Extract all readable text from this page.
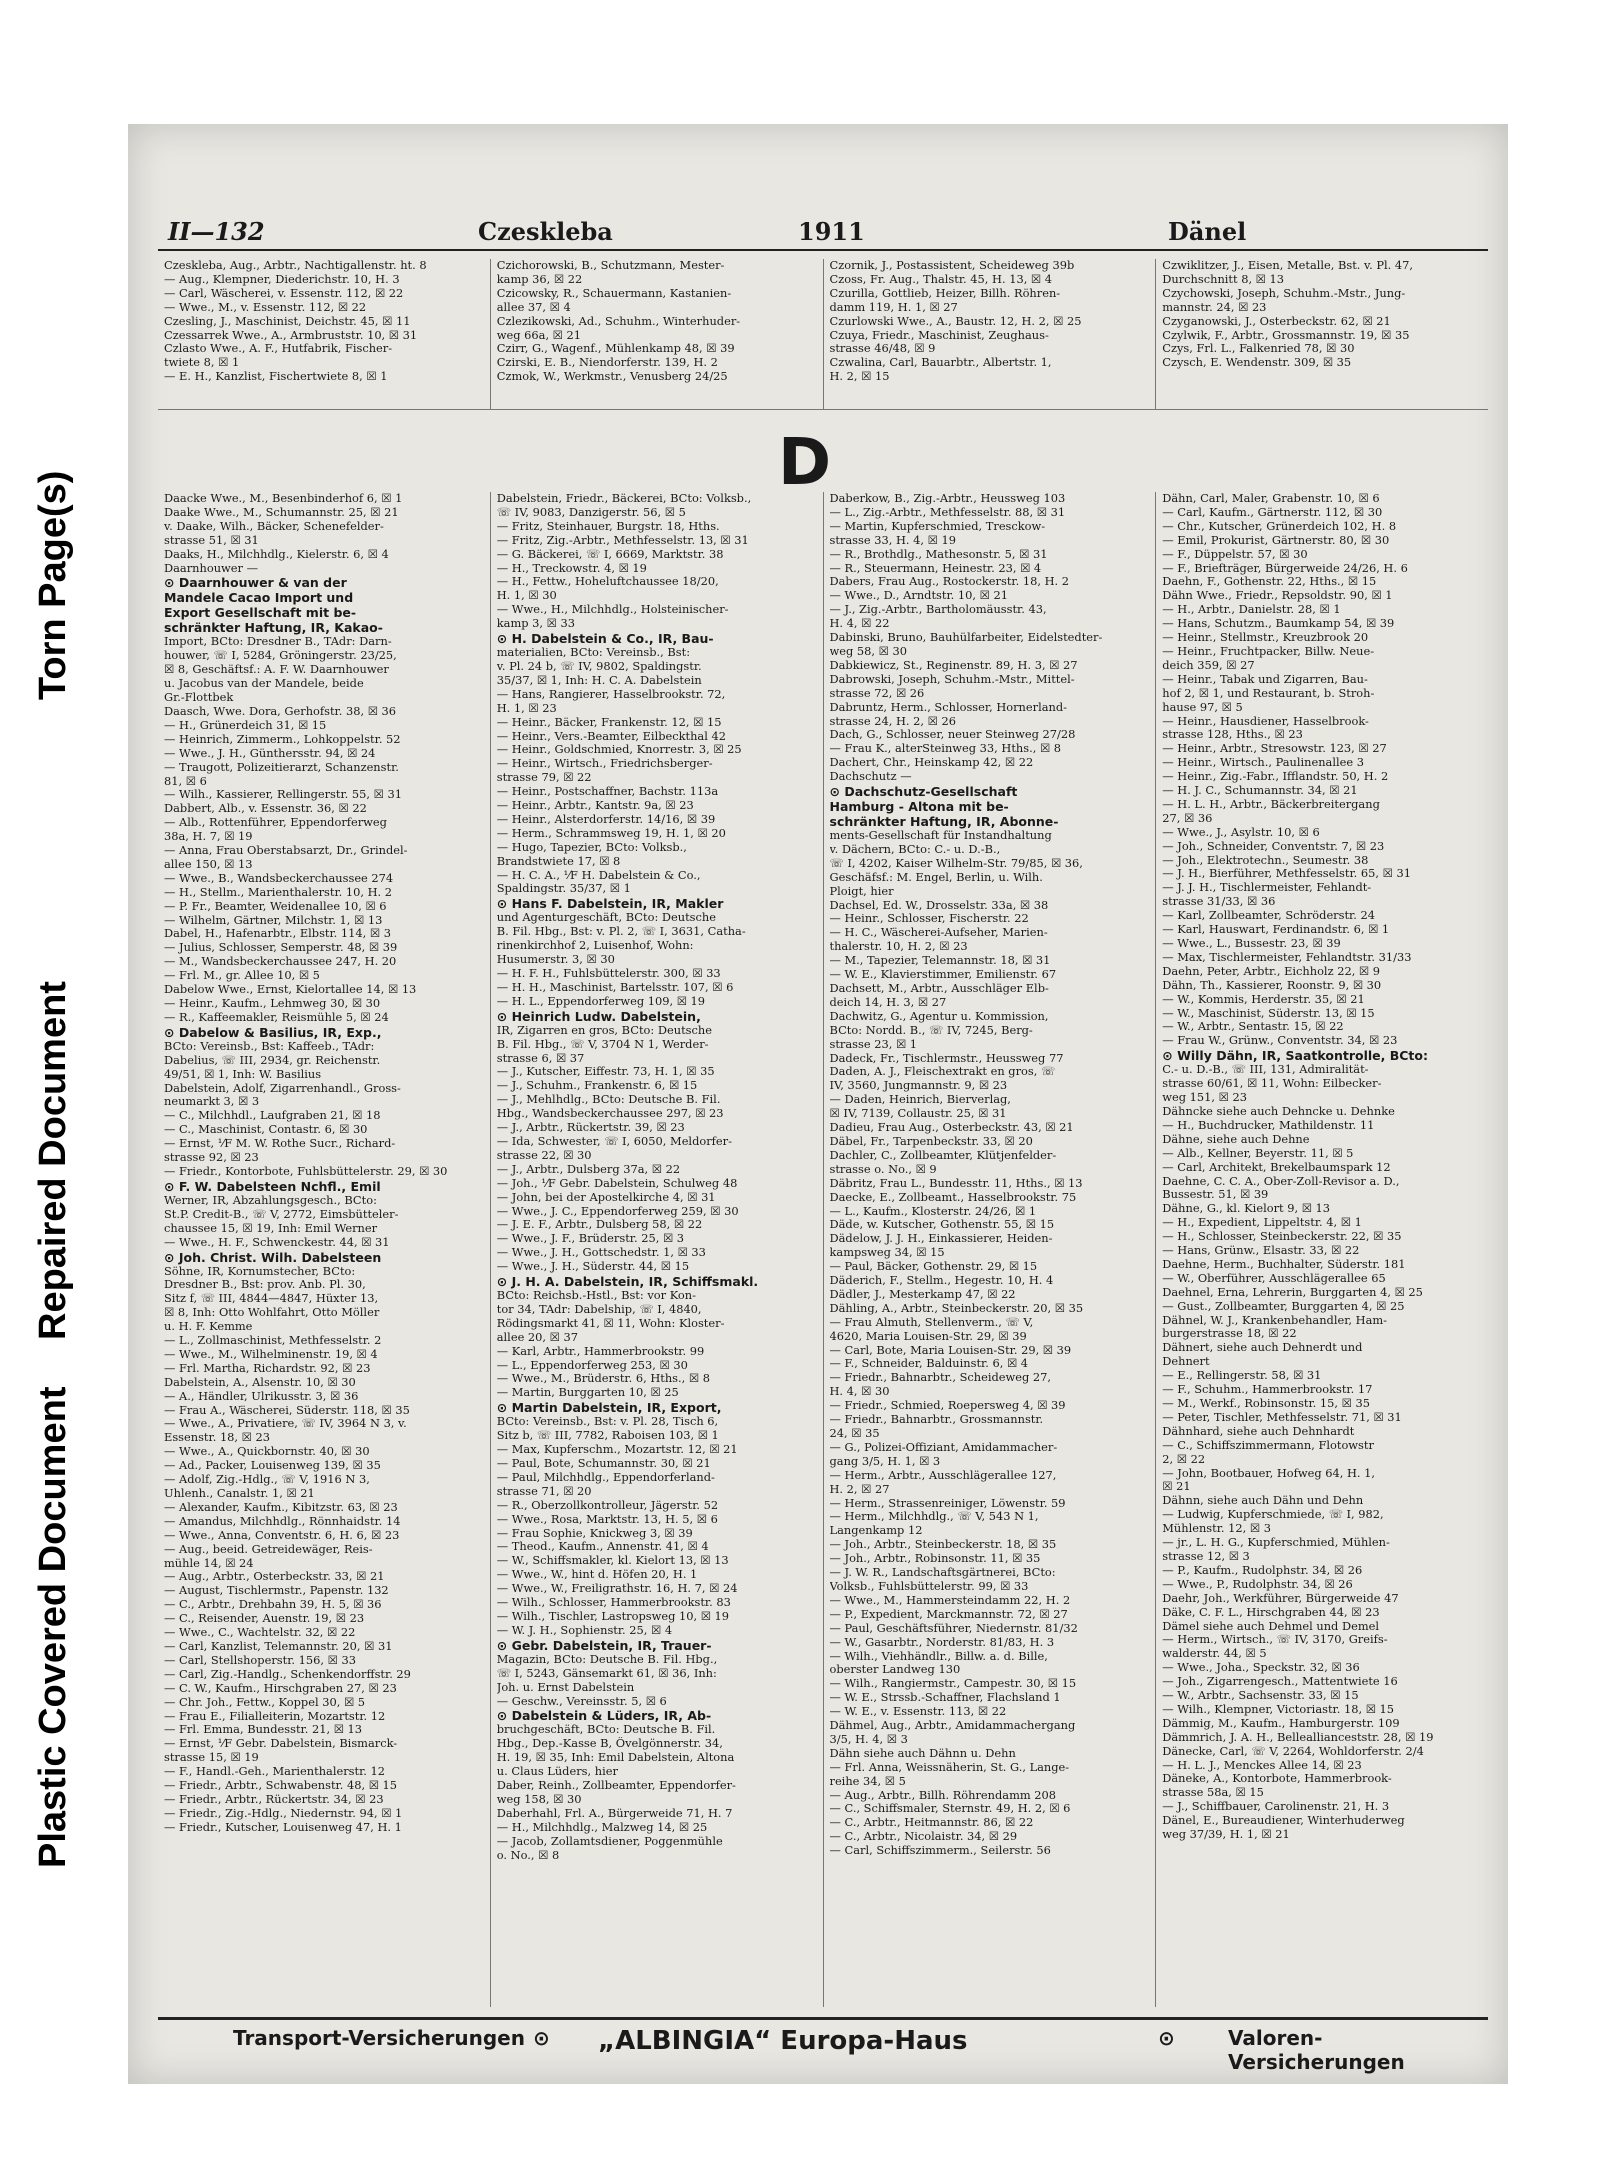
Plastic Covered Document
Repaired Document
Torn Page(s)
II—132	Czeskleba	1911	Dänel

Czeskleba, Aug., Arbtr., Nachtigallenstr. ht. 8

— Aug., Klempner, Diederichstr. 10, H. 3

— Carl, Wäscherei, v. Essenstr. 112, ☒ 22

— Wwe., M., v. Essenstr. 112, ☒ 22

Czesling, J., Maschinist, Deichstr. 45, ☒ 11

Czessarrek Wwe., A., Armbruststr. 10, ☒ 31

Czlasto Wwe., A. F., Hutfabrik, Fischer-

twiete 8, ☒ 1

— E. H., Kanzlist, Fischertwiete 8, ☒ 1

Czichorowski, B., Schutzmann, Mester-

kamp 36, ☒ 22

Czicowsky, R., Schauermann, Kastanien-

allee 37, ☒ 4

Czlezikowski, Ad., Schuhm., Winterhuder-

weg 66a, ☒ 21

Czirr, G., Wagenf., Mühlenkamp 48, ☒ 39

Czirski, E. B., Niendorferstr. 139, H. 2

Czmok, W., Werkmstr., Venusberg 24/25

Czornik, J., Postassistent, Scheideweg 39b

Czoss, Fr. Aug., Thalstr. 45, H. 13, ☒ 4

Czurilla, Gottlieb, Heizer, Billh. Röhren-

damm 119, H. 1, ☒ 27

Czurlowski Wwe., A., Baustr. 12, H. 2, ☒ 25

Czuya, Friedr., Maschinist, Zeughaus-

strasse 46/48, ☒ 9

Czwalina, Carl, Bauarbtr., Albertstr. 1,

H. 2, ☒ 15

Czwiklitzer, J., Eisen, Metalle, Bst. v. Pl. 47,

Durchschnitt 8, ☒ 13

Czychowski, Joseph, Schuhm.-Mstr., Jung-

mannstr. 24, ☒ 23

Czyganowski, J., Osterbeckstr. 62, ☒ 21

Czylwik, F., Arbtr., Grossmannstr. 19, ☒ 35

Czys, Frl. L., Falkenried 78, ☒ 30

Czysch, E. Wendenstr. 309, ☒ 35

D

Daacke Wwe., M., Besenbinderhof 6, ☒ 1

Daake Wwe., M., Schumannstr. 25, ☒ 21

v. Daake, Wilh., Bäcker, Schenefelder-

strasse 51, ☒ 31

Daaks, H., Milchhdlg., Kielerstr. 6, ☒ 4

Daarnhouwer —

⊙ Daarnhouwer & van der

Mandele Cacao Import und

Export Gesellschaft mit be-

schränkter Haftung, IR, Kakao-

Import, BCto: Dresdner B., TAdr: Darn-

houwer, ☏ I, 5284, Gröningerstr. 23/25,

☒ 8, Geschäftsf.: A. F. W. Daarnhouwer

u. Jacobus van der Mandele, beide

Gr.-Flottbek

Daasch, Wwe. Dora, Gerhofstr. 38, ☒ 36

— H., Grünerdeich 31, ☒ 15

— Heinrich, Zimmerm., Lohkoppelstr. 52

— Wwe., J. H., Günthersstr. 94, ☒ 24

— Traugott, Polizeitierarzt, Schanzenstr.

81, ☒ 6

— Wilh., Kassierer, Rellingerstr. 55, ☒ 31

Dabbert, Alb., v. Essenstr. 36, ☒ 22

— Alb., Rottenführer, Eppendorferweg

38a, H. 7, ☒ 19

— Anna, Frau Oberstabsarzt, Dr., Grindel-

allee 150, ☒ 13

— Wwe., B., Wandsbeckerchaussee 274

— H., Stellm., Marienthalerstr. 10, H. 2

— P. Fr., Beamter, Weidenallee 10, ☒ 6

— Wilhelm, Gärtner, Milchstr. 1, ☒ 13

Dabel, H., Hafenarbtr., Elbstr. 114, ☒ 3

— Julius, Schlosser, Semperstr. 48, ☒ 39

— M., Wandsbeckerchaussee 247, H. 20

— Frl. M., gr. Allee 10, ☒ 5

Dabelow Wwe., Ernst, Kielortallee 14, ☒ 13

— Heinr., Kaufm., Lehmweg 30, ☒ 30

— R., Kaffeemakler, Reismühle 5, ☒ 24

⊙ Dabelow & Basilius, IR, Exp.,

BCto: Vereinsb., Bst: Kaffeeb., TAdr:

Dabelius, ☏ III, 2934, gr. Reichenstr.

49/51, ☒ 1, Inh: W. Basilius

Dabelstein, Adolf, Zigarrenhandl., Gross-

neumarkt 3, ☒ 3

— C., Milchhdl., Laufgraben 21, ☒ 18

— C., Maschinist, Contastr. 6, ☒ 30

— Ernst, ⅟F M. W. Rothe Sucr., Richard-

strasse 92, ☒ 23

— Friedr., Kontorbote, Fuhlsbüttelerstr. 29, ☒ 30

⊙ F. W. Dabelsteen Nchfl., Emil

Werner, IR, Abzahlungsgesch., BCto:

St.P. Credit-B., ☏ V, 2772, Eimsbütteler-

chaussee 15, ☒ 19, Inh: Emil Werner

— Wwe., H. F., Schwenckestr. 44, ☒ 31

⊙ Joh. Christ. Wilh. Dabelsteen

Söhne, IR, Kornumstecher, BCto:

Dresdner B., Bst: prov. Anb. Pl. 30,

Sitz f, ☏ III, 4844—4847, Hüxter 13,

☒ 8, Inh: Otto Wohlfahrt, Otto Möller

u. H. F. Kemme

— L., Zollmaschinist, Methfesselstr. 2

— Wwe., M., Wilhelminenstr. 19, ☒ 4

— Frl. Martha, Richardstr. 92, ☒ 23

Dabelstein, A., Alsenstr. 10, ☒ 30

— A., Händler, Ulrikusstr. 3, ☒ 36

— Frau A., Wäscherei, Süderstr. 118, ☒ 35

— Wwe., A., Privatiere, ☏ IV, 3964 N 3, v.

Essenstr. 18, ☒ 23

— Wwe., A., Quickbornstr. 40, ☒ 30

— Ad., Packer, Louisenweg 139, ☒ 35

— Adolf, Zig.-Hdlg., ☏ V, 1916 N 3,

Uhlenh., Canalstr. 1, ☒ 21

— Alexander, Kaufm., Kibitzstr. 63, ☒ 23

— Amandus, Milchhdlg., Rönnhaidstr. 14

— Wwe., Anna, Conventstr. 6, H. 6, ☒ 23

— Aug., beeid. Getreidewäger, Reis-

mühle 14, ☒ 24

— Aug., Arbtr., Osterbeckstr. 33, ☒ 21

— August, Tischlermstr., Papenstr. 132

— C., Arbtr., Drehbahn 39, H. 5, ☒ 36

— C., Reisender, Auenstr. 19, ☒ 23

— Wwe., C., Wachtelstr. 32, ☒ 22

— Carl, Kanzlist, Telemannstr. 20, ☒ 31

— Carl, Stellshoperstr. 156, ☒ 33

— Carl, Zig.-Handlg., Schenkendorffstr. 29

— C. W., Kaufm., Hirschgraben 27, ☒ 23

— Chr. Joh., Fettw., Koppel 30, ☒ 5

— Frau E., Filialleiterin, Mozartstr. 12

— Frl. Emma, Bundesstr. 21, ☒ 13

— Ernst, ⅟F Gebr. Dabelstein, Bismarck-

strasse 15, ☒ 19

— F., Handl.-Geh., Marienthalerstr. 12

— Friedr., Arbtr., Schwabenstr. 48, ☒ 15

— Friedr., Arbtr., Rückertstr. 34, ☒ 23

— Friedr., Zig.-Hdlg., Niedernstr. 94, ☒ 1

— Friedr., Kutscher, Louisenweg 47, H. 1

Dabelstein, Friedr., Bäckerei, BCto: Volksb.,

☏ IV, 9083, Danzigerstr. 56, ☒ 5

— Fritz, Steinhauer, Burgstr. 18, Hths.

— Fritz, Zig.-Arbtr., Methfesselstr. 13, ☒ 31

— G. Bäckerei, ☏ I, 6669, Marktstr. 38

— H., Treckowstr. 4, ☒ 19

— H., Fettw., Hoheluftchaussee 18/20,

H. 1, ☒ 30

— Wwe., H., Milchhdlg., Holsteinischer-

kamp 3, ☒ 33

⊙ H. Dabelstein & Co., IR, Bau-

materialien, BCto: Vereinsb., Bst:

v. Pl. 24 b, ☏ IV, 9802, Spaldingstr.

35/37, ☒ 1, Inh: H. C. A. Dabelstein

— Hans, Rangierer, Hasselbrookstr. 72,

H. 1, ☒ 23

— Heinr., Bäcker, Frankenstr. 12, ☒ 15

— Heinr., Vers.-Beamter, Eilbeckthal 42

— Heinr., Goldschmied, Knorrestr. 3, ☒ 25

— Heinr., Wirtsch., Friedrichsberger-

strasse 79, ☒ 22

— Heinr., Postschaffner, Bachstr. 113a

— Heinr., Arbtr., Kantstr. 9a, ☒ 23

— Heinr., Alsterdorferstr. 14/16, ☒ 39

— Herm., Schrammsweg 19, H. 1, ☒ 20

— Hugo, Tapezier, BCto: Volksb.,

Brandstwiete 17, ☒ 8

— H. C. A., ⅟F H. Dabelstein & Co.,

Spaldingstr. 35/37, ☒ 1

⊙ Hans F. Dabelstein, IR, Makler

und Agenturgeschäft, BCto: Deutsche

B. Fil. Hbg., Bst: v. Pl. 2, ☏ I, 3631, Catha-

rinenkirchhof 2, Luisenhof, Wohn:

Husumerstr. 3, ☒ 30

— H. F. H., Fuhlsbüttelerstr. 300, ☒ 33

— H. H., Maschinist, Bartelsstr. 107, ☒ 6

— H. L., Eppendorferweg 109, ☒ 19

⊙ Heinrich Ludw. Dabelstein,

IR, Zigarren en gros, BCto: Deutsche

B. Fil. Hbg., ☏ V, 3704 N 1, Werder-

strasse 6, ☒ 37

— J., Kutscher, Eiffestr. 73, H. 1, ☒ 35

— J., Schuhm., Frankenstr. 6, ☒ 15

— J., Mehlhdlg., BCto: Deutsche B. Fil.

Hbg., Wandsbeckerchaussee 297, ☒ 23

— J., Arbtr., Rückertstr. 39, ☒ 23

— Ida, Schwester, ☏ I, 6050, Meldorfer-

strasse 22, ☒ 30

— J., Arbtr., Dulsberg 37a, ☒ 22

— Joh., ⅟F Gebr. Dabelstein, Schulweg 48

— John, bei der Apostelkirche 4, ☒ 31

— Wwe., J. C., Eppendorferweg 259, ☒ 30

— J. E. F., Arbtr., Dulsberg 58, ☒ 22

— Wwe., J. F., Brüderstr. 25, ☒ 3

— Wwe., J. H., Gottschedstr. 1, ☒ 33

— Wwe., J. H., Süderstr. 44, ☒ 15

⊙ J. H. A. Dabelstein, IR, Schiffsmakl.

BCto: Reichsb.-Hstl., Bst: vor Kon-

tor 34, TAdr: Dabelship, ☏ I, 4840,

Rödingsmarkt 41, ☒ 11, Wohn: Kloster-

allee 20, ☒ 37

— Karl, Arbtr., Hammerbrookstr. 99

— L., Eppendorferweg 253, ☒ 30

— Wwe., M., Brüderstr. 6, Hths., ☒ 8

— Martin, Burggarten 10, ☒ 25

⊙ Martin Dabelstein, IR, Export,

BCto: Vereinsb., Bst: v. Pl. 28, Tisch 6,

Sitz b, ☏ III, 7782, Raboisen 103, ☒ 1

— Max, Kupferschm., Mozartstr. 12, ☒ 21

— Paul, Bote, Schumannstr. 30, ☒ 21

— Paul, Milchhdlg., Eppendorferland-

strasse 71, ☒ 20

— R., Oberzollkontrolleur, Jägerstr. 52

— Wwe., Rosa, Marktstr. 13, H. 5, ☒ 6

— Frau Sophie, Knickweg 3, ☒ 39

— Theod., Kaufm., Annenstr. 41, ☒ 4

— W., Schiffsmakler, kl. Kielort 13, ☒ 13

— Wwe., W., hint d. Höfen 20, H. 1

— Wwe., W., Freiligrathstr. 16, H. 7, ☒ 24

— Wilh., Schlosser, Hammerbrookstr. 83

— Wilh., Tischler, Lastropsweg 10, ☒ 19

— W. J. H., Sophienstr. 25, ☒ 4

⊙ Gebr. Dabelstein, IR, Trauer-

Magazin, BCto: Deutsche B. Fil. Hbg.,

☏ I, 5243, Gänsemarkt 61, ☒ 36, Inh:

Joh. u. Ernst Dabelstein

— Geschw., Vereinsstr. 5, ☒ 6

⊙ Dabelstein & Lüders, IR, Ab-

bruchgeschäft, BCto: Deutsche B. Fil.

Hbg., Dep.-Kasse B, Övelgönnerstr. 34,

H. 19, ☒ 35, Inh: Emil Dabelstein, Altona

u. Claus Lüders, hier

Daber, Reinh., Zollbeamter, Eppendorfer-

weg 158, ☒ 30

Daberhahl, Frl. A., Bürgerweide 71, H. 7

— H., Milchhdlg., Malzweg 14, ☒ 25

— Jacob, Zollamtsdiener, Poggenmühle

o. No., ☒ 8

Daberkow, B., Zig.-Arbtr., Heussweg 103

— L., Zig.-Arbtr., Methfesselstr. 88, ☒ 31

— Martin, Kupferschmied, Tresckow-

strasse 33, H. 4, ☒ 19

— R., Brothdlg., Mathesonstr. 5, ☒ 31

— R., Steuermann, Heinestr. 23, ☒ 4

Dabers, Frau Aug., Rostockerstr. 18, H. 2

— Wwe., D., Arndtstr. 10, ☒ 21

— J., Zig.-Arbtr., Bartholomäusstr. 43,

H. 4, ☒ 22

Dabinski, Bruno, Bauhülfarbeiter, Eidelstedter-

weg 58, ☒ 30

Dabkiewicz, St., Reginenstr. 89, H. 3, ☒ 27

Dabrowski, Joseph, Schuhm.-Mstr., Mittel-

strasse 72, ☒ 26

Dabruntz, Herm., Schlosser, Hornerland-

strasse 24, H. 2, ☒ 26

Dach, G., Schlosser, neuer Steinweg 27/28

— Frau K., alterSteinweg 33, Hths., ☒ 8

Dachert, Chr., Heinskamp 42, ☒ 22

Dachschutz —

⊙ Dachschutz-Gesellschaft

Hamburg - Altona mit be-

schränkter Haftung, IR, Abonne-

ments-Gesellschaft für Instandhaltung

v. Dächern, BCto: C.- u. D.-B.,

☏ I, 4202, Kaiser Wilhelm-Str. 79/85, ☒ 36,

Geschäfsf.: M. Engel, Berlin, u. Wilh.

Ploigt, hier

Dachsel, Ed. W., Drosselstr. 33a, ☒ 38

— Heinr., Schlosser, Fischerstr. 22

— H. C., Wäscherei-Aufseher, Marien-

thalerstr. 10, H. 2, ☒ 23

— M., Tapezier, Telemannstr. 18, ☒ 31

— W. E., Klavierstimmer, Emilienstr. 67

Dachsett, M., Arbtr., Ausschläger Elb-

deich 14, H. 3, ☒ 27

Dachwitz, G., Agentur u. Kommission,

BCto: Nordd. B., ☏ IV, 7245, Berg-

strasse 23, ☒ 1

Dadeck, Fr., Tischlermstr., Heussweg 77

Daden, A. J., Fleischextrakt en gros, ☏

IV, 3560, Jungmannstr. 9, ☒ 23

— Daden, Heinrich, Bierverlag,

☒ IV, 7139, Collaustr. 25, ☒ 31

Dadieu, Frau Aug., Osterbeckstr. 43, ☒ 21

Däbel, Fr., Tarpenbeckstr. 33, ☒ 20

Dachler, C., Zollbeamter, Klütjenfelder-

strasse o. No., ☒ 9

Däbritz, Frau L., Bundesstr. 11, Hths., ☒ 13

Daecke, E., Zollbeamt., Hasselbrookstr. 75

— L., Kaufm., Klosterstr. 24/26, ☒ 1

Däde, w. Kutscher, Gothenstr. 55, ☒ 15

Dädelow, J. J. H., Einkassierer, Heiden-

kampsweg 34, ☒ 15

— Paul, Bäcker, Gothenstr. 29, ☒ 15

Däderich, F., Stellm., Hegestr. 10, H. 4

Dädler, J., Mesterkamp 47, ☒ 22

Dähling, A., Arbtr., Steinbeckerstr. 20, ☒ 35

— Frau Almuth, Stellenverm., ☏ V,

4620, Maria Louisen-Str. 29, ☒ 39

— Carl, Bote, Maria Louisen-Str. 29, ☒ 39

— F., Schneider, Balduinstr. 6, ☒ 4

— Friedr., Bahnarbtr., Scheideweg 27,

H. 4, ☒ 30

— Friedr., Schmied, Roepersweg 4, ☒ 39

— Friedr., Bahnarbtr., Grossmannstr.

24, ☒ 35

— G., Polizei-Offiziant, Amidammacher-

gang 3/5, H. 1, ☒ 3

— Herm., Arbtr., Ausschlägerallee 127,

H. 2, ☒ 27

— Herm., Strassenreiniger, Löwenstr. 59

— Herm., Milchhdlg., ☏ V, 543 N 1,

Langenkamp 12

— Joh., Arbtr., Steinbeckerstr. 18, ☒ 35

— Joh., Arbtr., Robinsonstr. 11, ☒ 35

— J. W. R., Landschaftsgärtnerei, BCto:

Volksb., Fuhlsbüttelerstr. 99, ☒ 33

— Wwe., M., Hammersteindamm 22, H. 2

— P., Expedient, Marckmannstr. 72, ☒ 27

— Paul, Geschäftsführer, Niedernstr. 81/32

— W., Gasarbtr., Norderstr. 81/83, H. 3

— Wilh., Viehhändlr., Billw. a. d. Bille,

oberster Landweg 130

— Wilh., Rangiermstr., Campestr. 30, ☒ 15

— W. E., Strssb.-Schaffner, Flachsland 1

— W. E., v. Essenstr. 113, ☒ 22

Dähmel, Aug., Arbtr., Amidammachergang

3/5, H. 4, ☒ 3

Dähn siehe auch Dähnn u. Dehn

— Frl. Anna, Weissnäherin, St. G., Lange-

reihe 34, ☒ 5

— Aug., Arbtr., Billh. Röhrendamm 208

— C., Schiffsmaler, Sternstr. 49, H. 2, ☒ 6

— C., Arbtr., Heitmannstr. 86, ☒ 22

— C., Arbtr., Nicolaistr. 34, ☒ 29

— Carl, Schiffszimmerm., Seilerstr. 56

Dähn, Carl, Maler, Grabenstr. 10, ☒ 6

— Carl, Kaufm., Gärtnerstr. 112, ☒ 30

— Chr., Kutscher, Grünerdeich 102, H. 8

— Emil, Prokurist, Gärtnerstr. 80, ☒ 30

— F., Düppelstr. 57, ☒ 30

— F., Briefträger, Bürgerweide 24/26, H. 6

Daehn, F., Gothenstr. 22, Hths., ☒ 15

Dähn Wwe., Friedr., Repsoldstr. 90, ☒ 1

— H., Arbtr., Danielstr. 28, ☒ 1

— Hans, Schutzm., Baumkamp 54, ☒ 39

— Heinr., Stellmstr., Kreuzbrook 20

— Heinr., Fruchtpacker, Billw. Neue-

deich 359, ☒ 27

— Heinr., Tabak und Zigarren, Bau-

hof 2, ☒ 1, und Restaurant, b. Stroh-

hause 97, ☒ 5

— Heinr., Hausdiener, Hasselbrook-

strasse 128, Hths., ☒ 23

— Heinr., Arbtr., Stresowstr. 123, ☒ 27

— Heinr., Wirtsch., Paulinenallee 3

— Heinr., Zig.-Fabr., Ifflandstr. 50, H. 2

— H. J. C., Schumannstr. 34, ☒ 21

— H. L. H., Arbtr., Bäckerbreitergang

27, ☒ 36

— Wwe., J., Asylstr. 10, ☒ 6

— Joh., Schneider, Conventstr. 7, ☒ 23

— Joh., Elektrotechn., Seumestr. 38

— J. H., Bierführer, Methfesselstr. 65, ☒ 31

— J. J. H., Tischlermeister, Fehlandt-

strasse 31/33, ☒ 36

— Karl, Zollbeamter, Schröderstr. 24

— Karl, Hauswart, Ferdinandstr. 6, ☒ 1

— Wwe., L., Bussestr. 23, ☒ 39

— Max, Tischlermeister, Fehlandtstr. 31/33

Daehn, Peter, Arbtr., Eichholz 22, ☒ 9

Dähn, Th., Kassierer, Roonstr. 9, ☒ 30

— W., Kommis, Herderstr. 35, ☒ 21

— W., Maschinist, Süderstr. 13, ☒ 15

— W., Arbtr., Sentastr. 15, ☒ 22

— Frau W., Grünw., Conventstr. 34, ☒ 23

⊙ Willy Dähn, IR, Saatkontrolle, BCto:

C.- u. D.-B., ☏ III, 131, Admiralität-

strasse 60/61, ☒ 11, Wohn: Eilbecker-

weg 151, ☒ 23

Dähncke siehe auch Dehncke u. Dehnke

— H., Buchdrucker, Mathildenstr. 11

Dähne, siehe auch Dehne

— Alb., Kellner, Beyerstr. 11, ☒ 5

— Carl, Architekt, Brekelbaumspark 12

Daehne, C. C. A., Ober-Zoll-Revisor a. D.,

Bussestr. 51, ☒ 39

Dähne, G., kl. Kielort 9, ☒ 13

— H., Expedient, Lippeltstr. 4, ☒ 1

— H., Schlosser, Steinbeckerstr. 22, ☒ 35

— Hans, Grünw., Elsastr. 33, ☒ 22

Daehne, Herm., Buchhalter, Süderstr. 181

— W., Oberführer, Ausschlägerallee 65

Daehnel, Erna, Lehrerin, Burggarten 4, ☒ 25

— Gust., Zollbeamter, Burggarten 4, ☒ 25

Dähnel, W. J., Krankenbehandler, Ham-

burgerstrasse 18, ☒ 22

Dähnert, siehe auch Dehnerdt und

Dehnert

— E., Rellingerstr. 58, ☒ 31

— F., Schuhm., Hammerbrookstr. 17

— M., Werkf., Robinsonstr. 15, ☒ 35

— Peter, Tischler, Methfesselstr. 71, ☒ 31

Dähnhard, siehe auch Dehnhardt

— C., Schiffszimmermann, Flotowstr

2, ☒ 22

— John, Bootbauer, Hofweg 64, H. 1,

☒ 21

Dähnn, siehe auch Dähn und Dehn

— Ludwig, Kupferschmiede, ☏ I, 982,

Mühlenstr. 12, ☒ 3

— jr., L. H. G., Kupferschmied, Mühlen-

strasse 12, ☒ 3

— P., Kaufm., Rudolphstr. 34, ☒ 26

— Wwe., P., Rudolphstr. 34, ☒ 26

Daehr, Joh., Werkführer, Bürgerweide 47

Däke, C. F. L., Hirschgraben 44, ☒ 23

Dämel siehe auch Dehmel und Demel

— Herm., Wirtsch., ☏ IV, 3170, Greifs-

walderstr. 44, ☒ 5

— Wwe., Joha., Speckstr. 32, ☒ 36

— Joh., Zigarrengesch., Mattentwiete 16

— W., Arbtr., Sachsenstr. 33, ☒ 15

— Wilh., Klempner, Victoriastr. 18, ☒ 15

Dämmig, M., Kaufm., Hamburgerstr. 109

Dämmrich, J. A. H., Belleallianceststr. 28, ☒ 19

Dänecke, Carl, ☏ V, 2264, Wohldorferstr. 2/4

— H. L. J., Menckes Allee 14, ☒ 23

Däneke, A., Kontorbote, Hammerbrook-

strasse 58a, ☒ 15

— J., Schiffbauer, Carolinenstr. 21, H. 3

Dänel, E., Bureaudiener, Winterhuderweg

weg 37/39, H. 1, ☒ 21

Transport-Versicherungen ⊙ „ALBINGIA“ Europa-Haus	⊙	Valoren-Versicherungen
